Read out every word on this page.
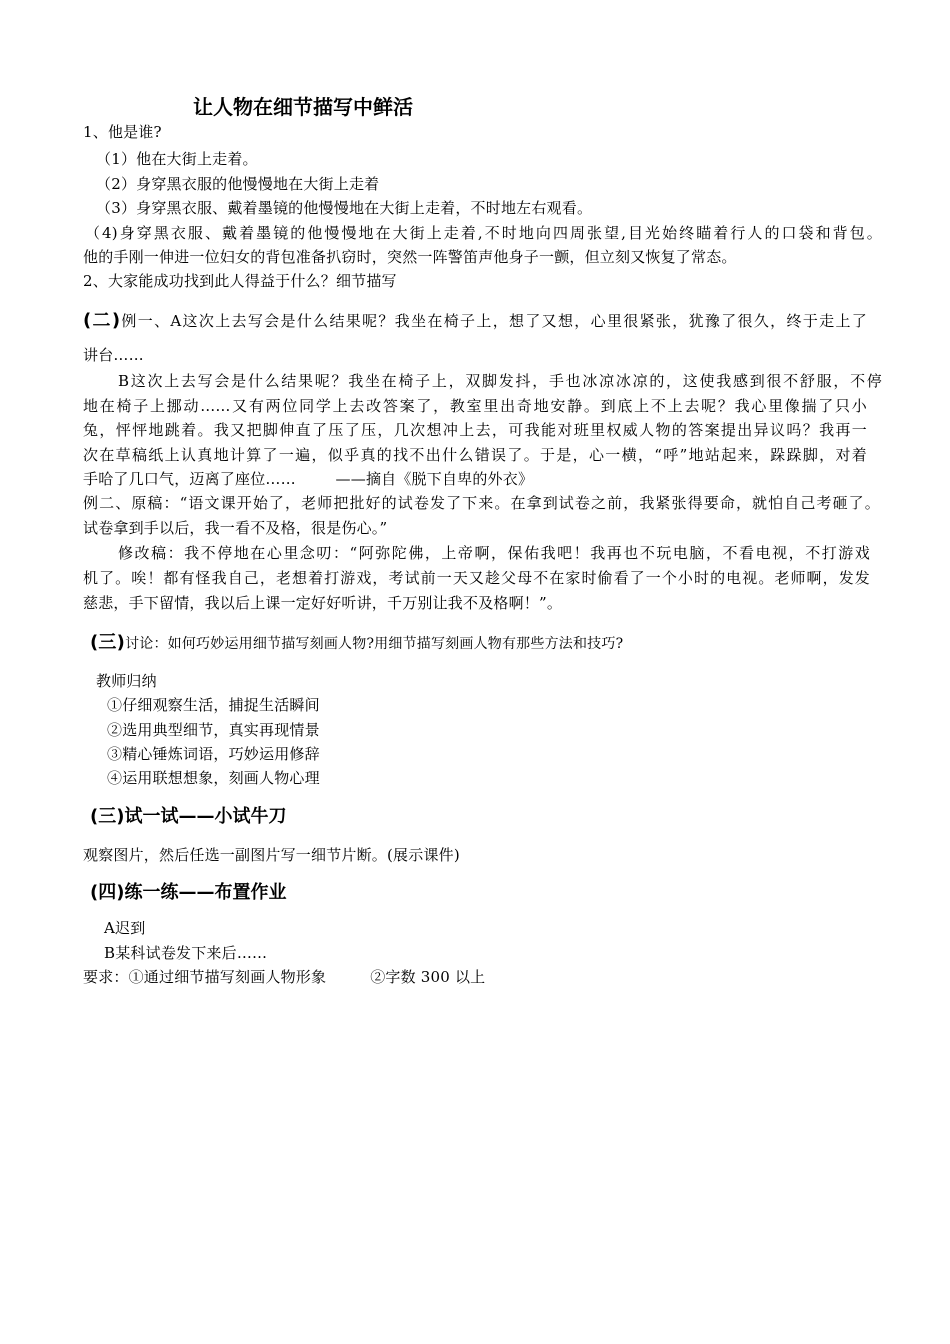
让人物在细节描写中鲜活
1、他是谁?
（1）他在大街上走着。
（2）身穿黑衣服的他慢慢地在大街上走着
（3）身穿黑衣服、戴着墨镜的他慢慢地在大街上走着，不时地左右观看。
（4)身穿黑衣服、戴着墨镜的他慢慢地在大街上走着,不时地向四周张望,目光始终瞄着行人的口袋和背包。
他的手刚一伸进一位妇女的背包准备扒窃时，突然一阵警笛声他身子一颤，但立刻又恢复了常态。
2、大家能成功找到此人得益于什么？细节描写
(二)例一、A这次上去写会是什么结果呢？我坐在椅子上，想了又想，心里很紧张，犹豫了很久，终于走上了
讲台……
B这次上去写会是什么结果呢？我坐在椅子上，双脚发抖，手也冰凉冰凉的，这使我感到很不舒服，不停
地在椅子上挪动……又有两位同学上去改答案了，教室里出奇地安静。到底上不上去呢？我心里像揣了只小
兔，怦怦地跳着。我又把脚伸直了压了压，几次想冲上去，可我能对班里权威人物的答案提出异议吗？我再一
次在草稿纸上认真地计算了一遍，似乎真的找不出什么错误了。于是，心一横，“呼”地站起来，跺跺脚，对着
手哈了几口气，迈离了座位……        ——摘自《脱下自卑的外衣》
例二、原稿：“语文课开始了，老师把批好的试卷发了下来。在拿到试卷之前，我紧张得要命，就怕自己考砸了。
试卷拿到手以后，我一看不及格，很是伤心。”
修改稿：我不停地在心里念叨：“阿弥陀佛，上帝啊，保佑我吧！我再也不玩电脑，不看电视，不打游戏
机了。唉！都有怪我自己，老想着打游戏，考试前一天又趁父母不在家时偷看了一个小时的电视。老师啊，发发
慈悲，手下留情，我以后上课一定好好听讲，千万别让我不及格啊！”。
(三)讨论：如何巧妙运用细节描写刻画人物?用细节描写刻画人物有那些方法和技巧?
教师归纳
①仔细观察生活，捕捉生活瞬间
②选用典型细节，真实再现情景
③精心锤炼词语，巧妙运用修辞
④运用联想想象，刻画人物心理
(三)试一试——小试牛刀
观察图片，然后任选一副图片写一细节片断。(展示课件)
(四)练一练——布置作业
A迟到
B某科试卷发下来后……
要求：①通过细节描写刻画人物形象	②字数 300 以上
